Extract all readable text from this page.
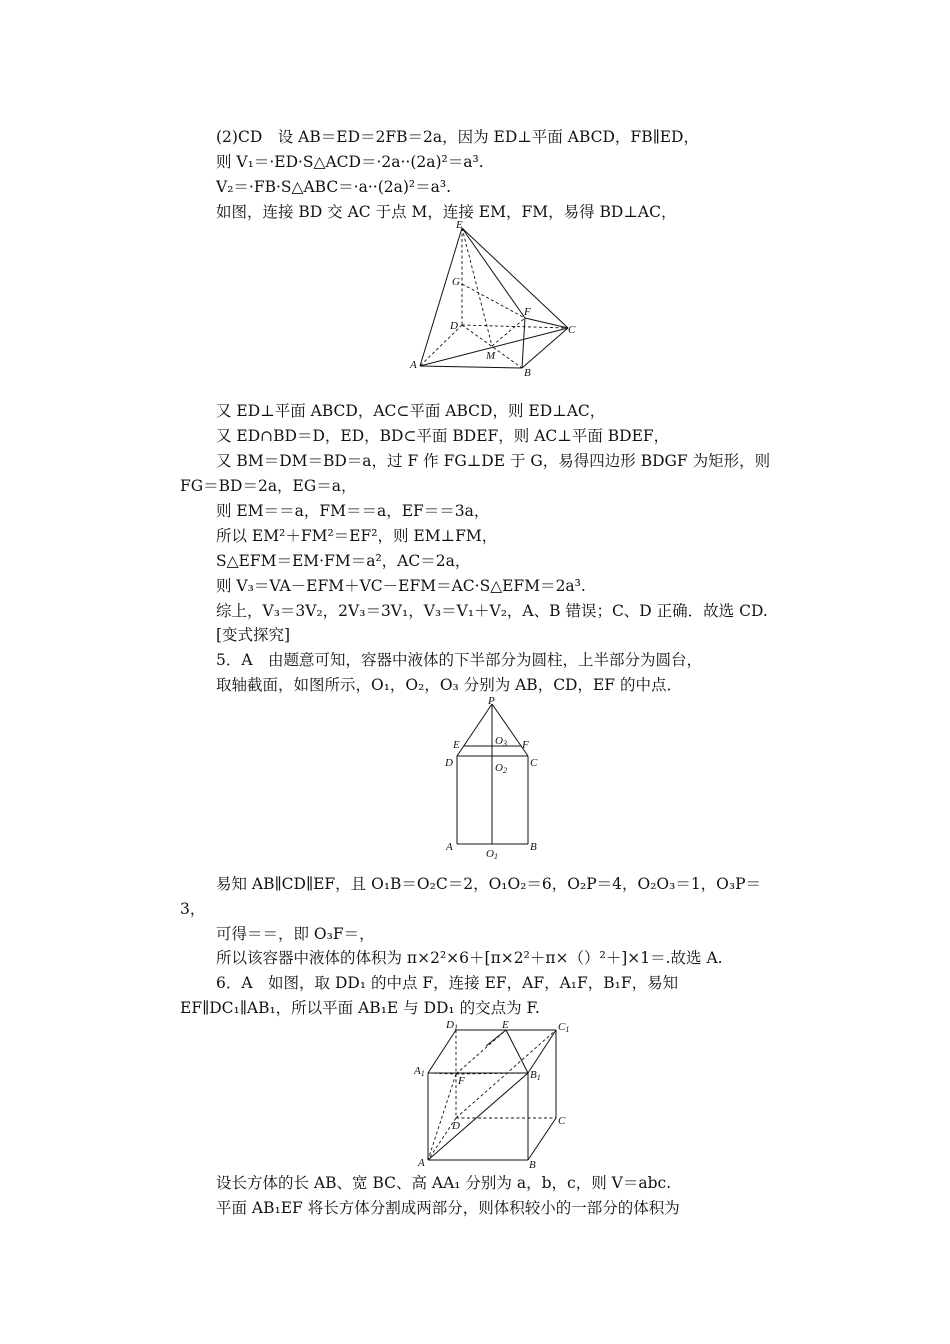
(2)CD　设 AB＝ED＝2FB＝2a，因为 ED⊥平面 ABCD，FB∥ED，
则 V₁＝·ED·S△ACD＝·2a··(2a)²＝a³.
V₂＝·FB·S△ABC＝·a··(2a)²＝a³.
如图，连接 BD 交 AC 于点 M，连接 EM，FM，易得 BD⊥AC，
E
G
D
F
C
M
A
B
又 ED⊥平面 ABCD，AC⊂平面 ABCD，则 ED⊥AC，
又 ED∩BD＝D，ED，BD⊂平面 BDEF，则 AC⊥平面 BDEF，
又 BM＝DM＝BD＝a，过 F 作 FG⊥DE 于 G，易得四边形 BDGF 为矩形，则
FG＝BD＝2a，EG＝a，
则 EM＝＝a，FM＝＝a，EF＝＝3a，
所以 EM²＋FM²＝EF²，则 EM⊥FM，
S△EFM＝EM·FM＝a²，AC＝2a，
则 V₃＝VA－EFM＋VC－EFM＝AC·S△EFM＝2a³.
综上，V₃＝3V₂，2V₃＝3V₁，V₃＝V₁＋V₂，A、B 错误；C、D 正确．故选 CD.
[变式探究]
5．A　由题意可知，容器中液体的下半部分为圆柱，上半部分为圆台，
取轴截面，如图所示，O₁，O₂，O₃ 分别为 AB，CD，EF 的中点．
P
E	O3 F
D	O2
C
A
O1
B
易知 AB∥CD∥EF，且 O₁B＝O₂C＝2，O₁O₂＝6，O₂P＝4，O₂O₃＝1，O₃P＝
3，
可得＝＝，即 O₃F＝，
所以该容器中液体的体积为 π×2²×6＋[π×2²＋π×（）²＋]×1＝.故选 A.
6．A　如图，取 DD₁ 的中点 F，连接 EF，AF，A₁F，B₁F，易知
EF∥DC₁∥AB₁，所以平面 AB₁E 与 DD₁ 的交点为 F.
D1	E	C1
A1
F	B1
D	C
A	B
设长方体的长 AB、宽 BC、高 AA₁ 分别为 a，b，c，则 V＝abc.
平面 AB₁EF 将长方体分割成两部分，则体积较小的一部分的体积为
